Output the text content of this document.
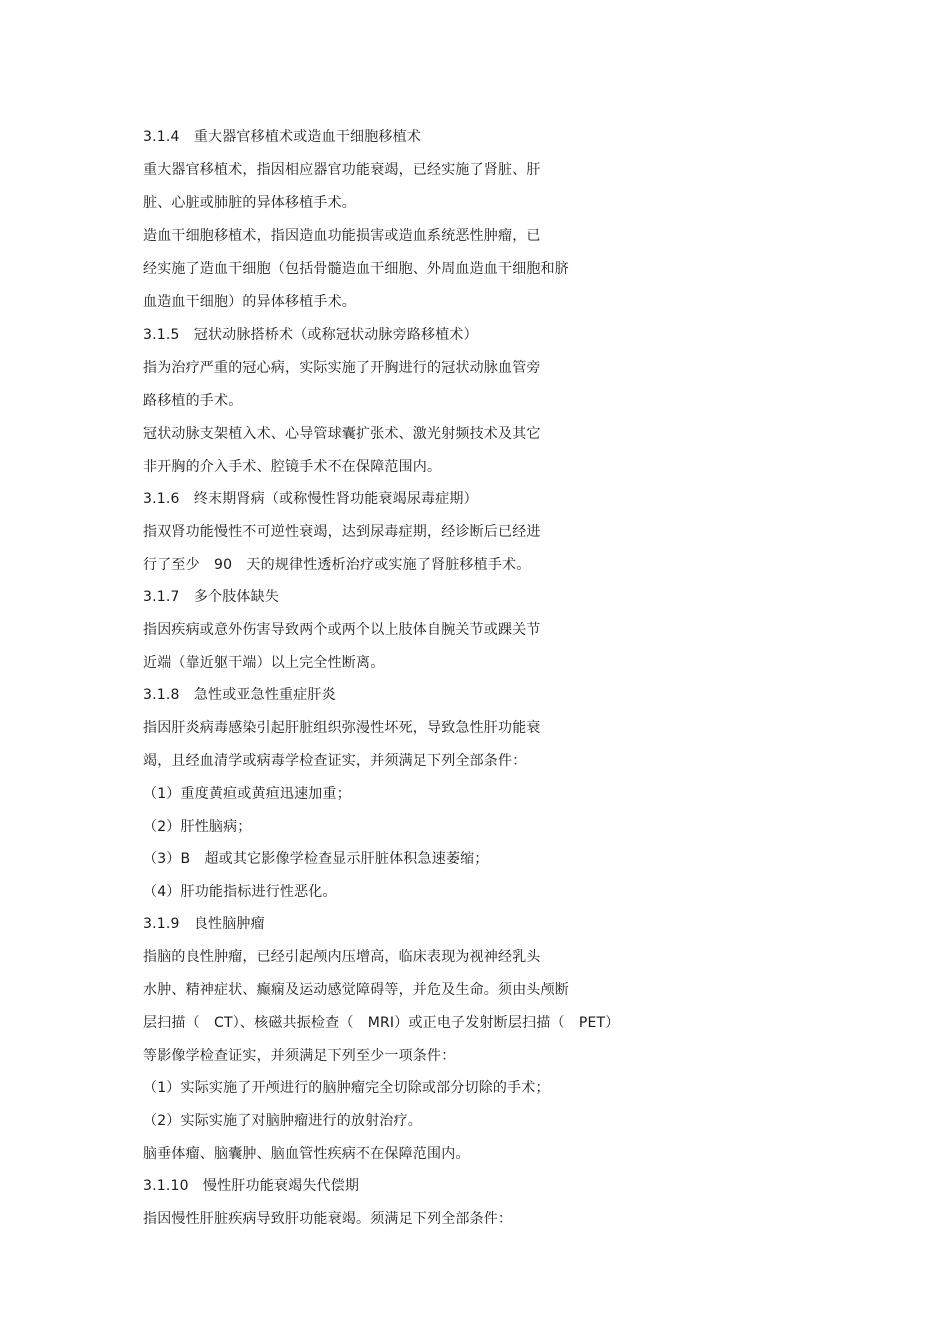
3.1.4　重大器官移植术或造血干细胞移植术
重大器官移植术，指因相应器官功能衰竭，已经实施了肾脏、肝
脏、心脏或肺脏的异体移植手术。
造血干细胞移植术，指因造血功能损害或造血系统恶性肿瘤，已
经实施了造血干细胞（包括骨髓造血干细胞、外周血造血干细胞和脐
血造血干细胞）的异体移植手术。
3.1.5　冠状动脉搭桥术（或称冠状动脉旁路移植术）
指为治疗严重的冠心病，实际实施了开胸进行的冠状动脉血管旁
路移植的手术。
冠状动脉支架植入术、心导管球囊扩张术、激光射频技术及其它
非开胸的介入手术、腔镜手术不在保障范围内。
3.1.6　终末期肾病（或称慢性肾功能衰竭尿毒症期）
指双肾功能慢性不可逆性衰竭，达到尿毒症期，经诊断后已经进
行了至少　90　天的规律性透析治疗或实施了肾脏移植手术。
3.1.7　多个肢体缺失
指因疾病或意外伤害导致两个或两个以上肢体自腕关节或踝关节
近端（靠近躯干端）以上完全性断离。
3.1.8　急性或亚急性重症肝炎
指因肝炎病毒感染引起肝脏组织弥漫性坏死，导致急性肝功能衰
竭，且经血清学或病毒学检查证实，并须满足下列全部条件：
（1）重度黄疸或黄疸迅速加重；
（2）肝性脑病；
（3）B　超或其它影像学检查显示肝脏体积急速萎缩；
（4）肝功能指标进行性恶化。
3.1.9　良性脑肿瘤
指脑的良性肿瘤，已经引起颅内压增高，临床表现为视神经乳头
水肿、精神症状、癫痫及运动感觉障碍等，并危及生命。须由头颅断
层扫描（　CT）、核磁共振检查（　MRI）或正电子发射断层扫描（　PET）
等影像学检查证实，并须满足下列至少一项条件：
（1）实际实施了开颅进行的脑肿瘤完全切除或部分切除的手术；
（2）实际实施了对脑肿瘤进行的放射治疗。
脑垂体瘤、脑囊肿、脑血管性疾病不在保障范围内。
3.1.10　慢性肝功能衰竭失代偿期
指因慢性肝脏疾病导致肝功能衰竭。须满足下列全部条件：
